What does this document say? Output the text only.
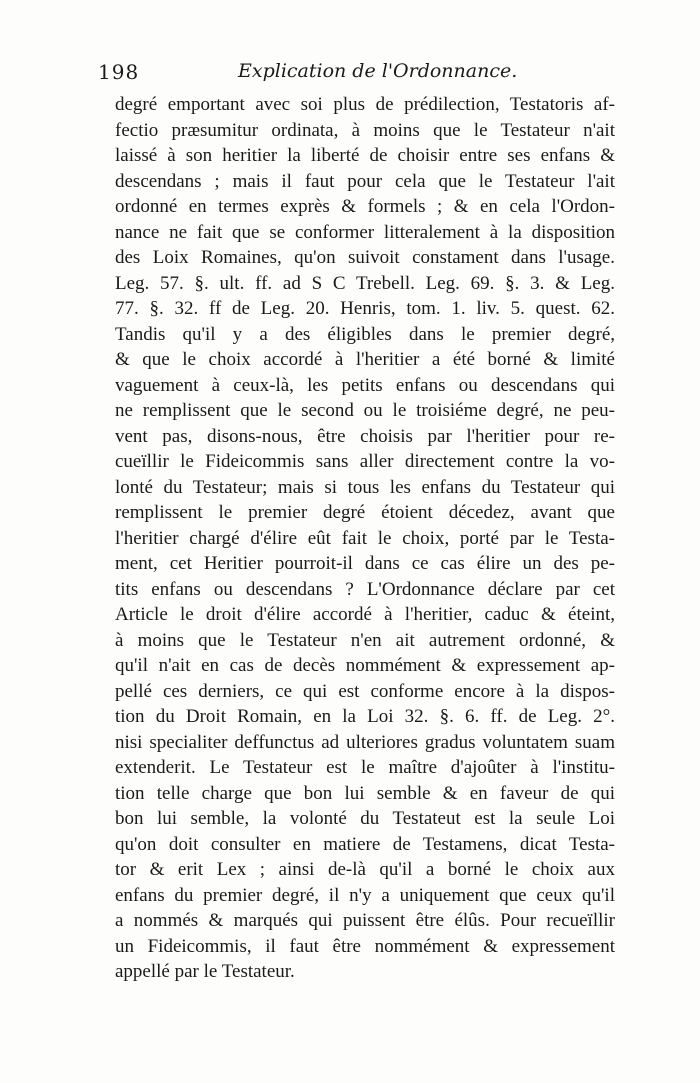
198	Explication de l'Ordonnance.
degré emportant avec soi plus de prédilection, Testatoris af-
fectio præsumitur ordinata, à moins que le Testateur n'ait
laissé à son heritier la liberté de choisir entre ses enfans &
descendans ; mais il faut pour cela que le Testateur l'ait
ordonné en termes exprès & formels ; & en cela l'Ordon-
nance ne fait que se conformer litteralement à la disposition
des Loix Romaines, qu'on suivoit constament dans l'usage.
Leg. 57. §. ult. ff. ad S C Trebell. Leg. 69. §. 3. & Leg.
77. §. 32. ff de Leg. 20. Henris, tom. 1. liv. 5. quest. 62.
Tandis qu'il y a des éligibles dans le premier degré,
& que le choix accordé à l'heritier a été borné & limité
vaguement à ceux-là, les petits enfans ou descendans qui
ne remplissent que le second ou le troisiéme degré, ne peu-
vent pas, disons-nous, être choisis par l'heritier pour re-
cueïllir le Fideicommis sans aller directement contre la vo-
lonté du Testateur; mais si tous les enfans du Testateur qui
remplissent le premier degré étoient décedez, avant que
l'heritier chargé d'élire eût fait le choix, porté par le Testa-
ment, cet Heritier pourroit-il dans ce cas élire un des pe-
tits enfans ou descendans ? L'Ordonnance déclare par cet
Article le droit d'élire accordé à l'heritier, caduc & éteint,
à moins que le Testateur n'en ait autrement ordonné, &
qu'il n'ait en cas de decès nommément & expressement ap-
pellé ces derniers, ce qui est conforme encore à la dispos-
tion du Droit Romain, en la Loi 32. §. 6. ff. de Leg. 2°.
nisi specialiter deffunctus ad ulteriores gradus voluntatem suam
extenderit. Le Testateur est le maître d'ajoûter à l'institu-
tion telle charge que bon lui semble & en faveur de qui
bon lui semble, la volonté du Testateut est la seule Loi
qu'on doit consulter en matiere de Testamens, dicat Testa-
tor & erit Lex ; ainsi de-là qu'il a borné le choix aux
enfans du premier degré, il n'y a uniquement que ceux qu'il
a nommés & marqués qui puissent être élûs. Pour recueïllir
un Fideicommis, il faut être nommément & expressement
appellé par le Testateur.
